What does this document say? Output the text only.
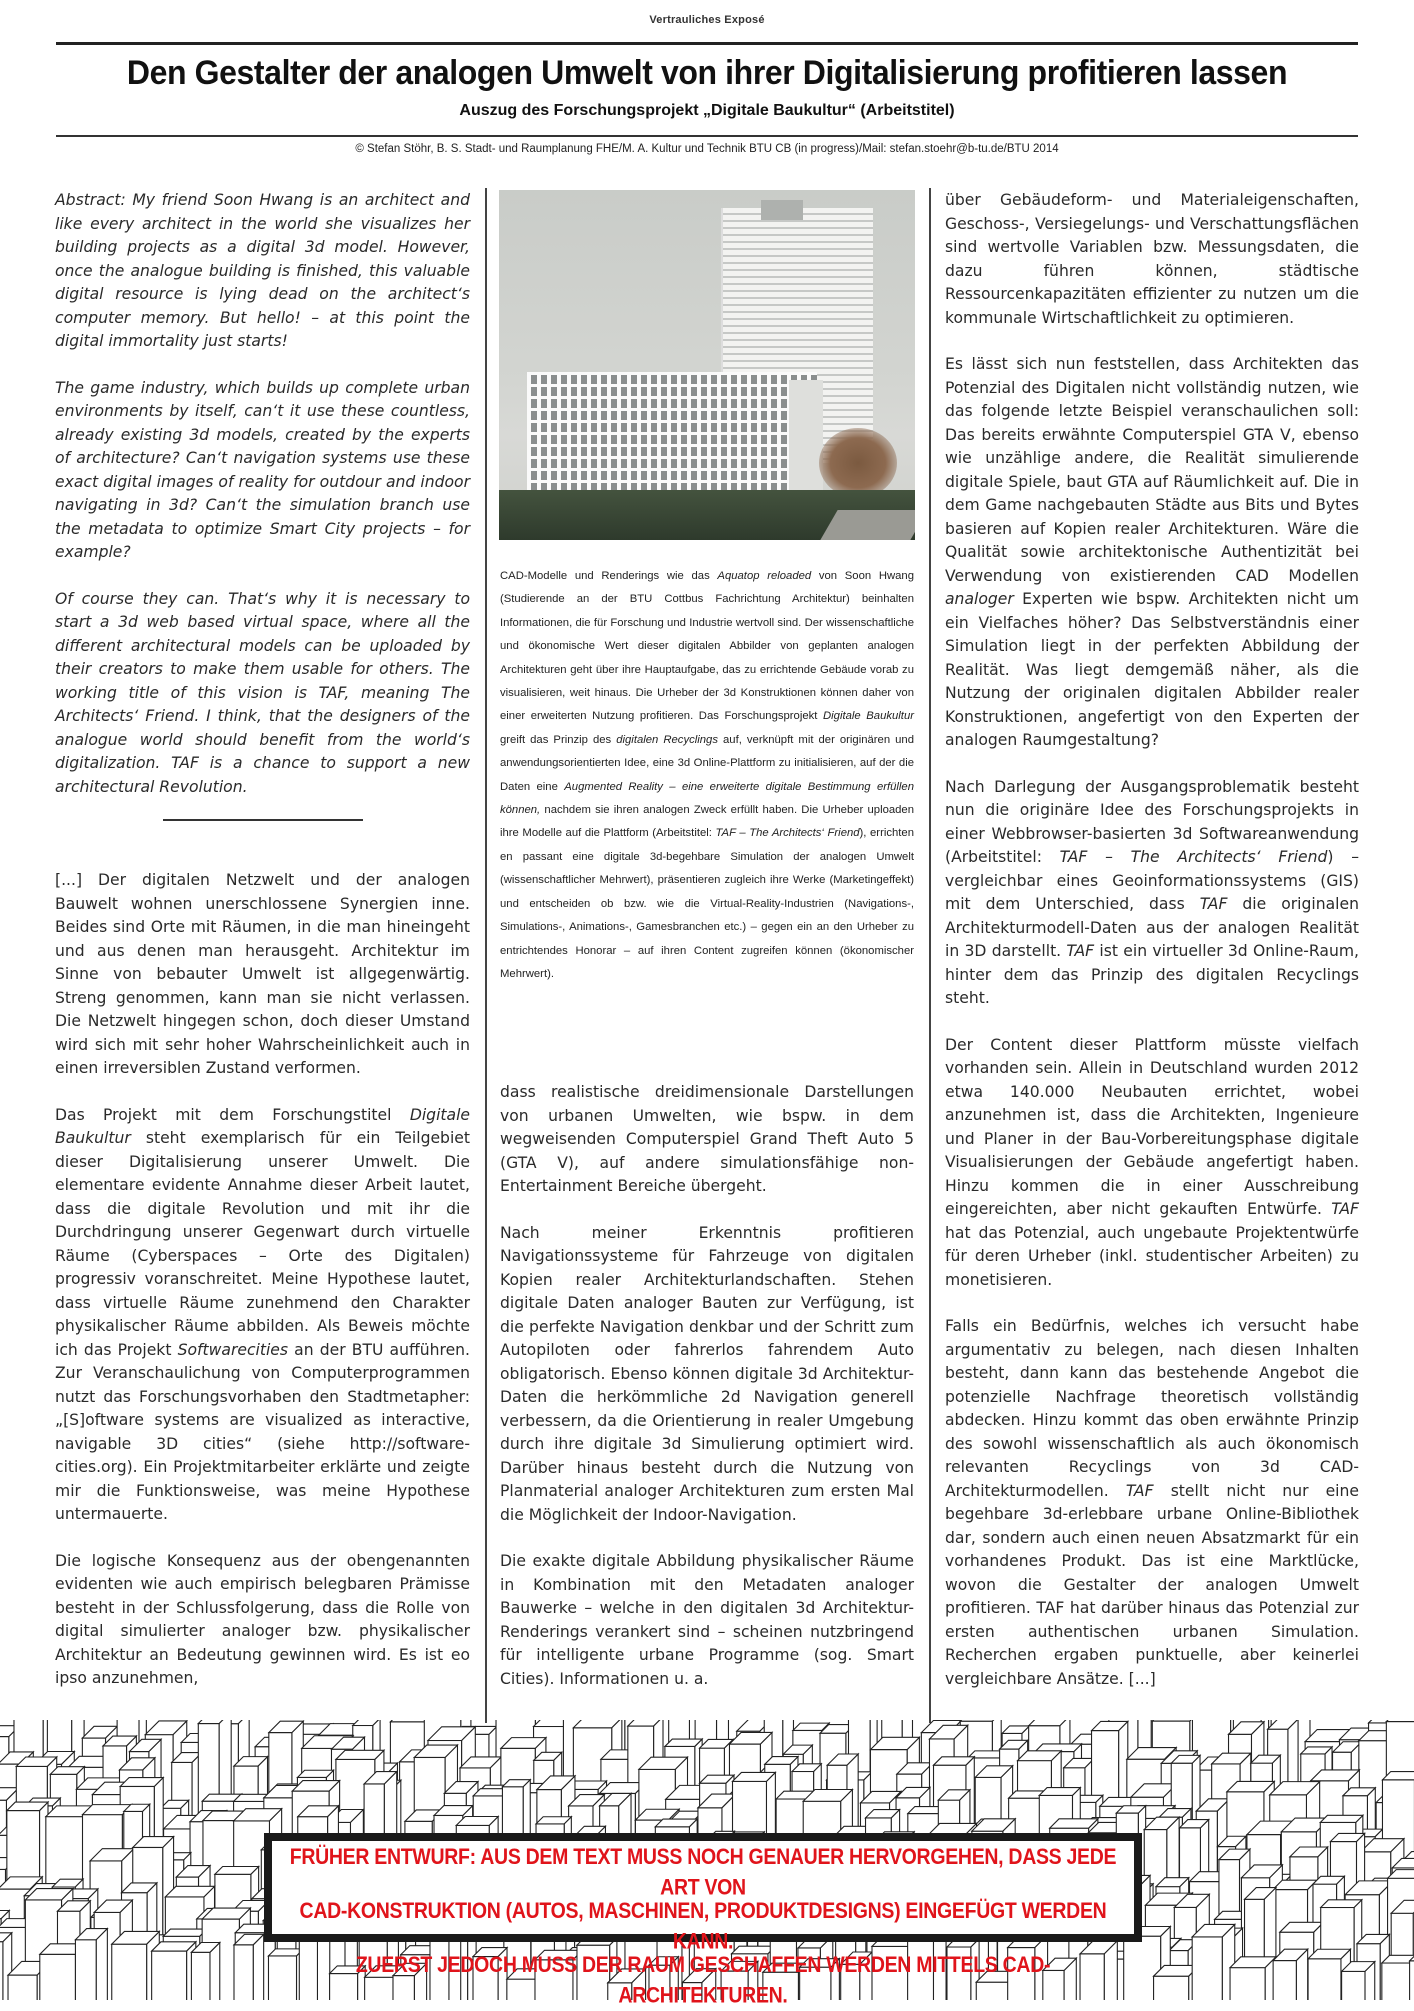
Vertrauliches Exposé
Den Gestalter der analogen Umwelt von ihrer Digitalisierung profitieren lassen
Auszug des Forschungsprojekt „Digitale Baukultur“ (Arbeitstitel)
© Stefan Stöhr, B. S. Stadt- und Raumplanung FHE/M. A. Kultur und Technik BTU CB (in progress)/Mail: stefan.stoehr@b-tu.de/BTU 2014

Abstract: My friend Soon Hwang is an architect and like every architect in the world she visualizes her building projects as a digital 3d model. However, once the analogue building is finished, this valuable digital resource is lying dead on the architect‘s computer memory. But hello! – at this point the digital immortality just starts!

The game industry, which builds up complete urban environments by itself, can‘t it use these countless, already existing 3d models, created by the experts of architecture? Can‘t navigation systems use these exact digital images of reality for outdour and indoor navigating in 3d? Can‘t the simulation branch use the metadata to optimize Smart City projects – for example?

Of course they can. That‘s why it is necessary to start a 3d web based virtual space, where all the different architectural models can be uploaded by their creators to make them usable for others. The working title of this vision is TAF, meaning The Architects‘ Friend. I think, that the designers of the analogue world should benefit from the world‘s digitalization. TAF is a chance to support a new architectural Revolution.

[...] Der digitalen Netzwelt und der analogen Bauwelt wohnen unerschlossene Synergien inne. Beides sind Orte mit Räumen, in die man hineingeht und aus denen man herausgeht. Architektur im Sinne von bebauter Umwelt ist allgegenwärtig. Streng genommen, kann man sie nicht verlassen. Die Netzwelt hingegen schon, doch dieser Umstand wird sich mit sehr hoher Wahrscheinlichkeit auch in einen irreversiblen Zustand verformen.

Das Projekt mit dem Forschungstitel Digitale Baukultur steht exemplarisch für ein Teilgebiet dieser Digitalisierung unserer Umwelt. Die elementare evidente Annahme dieser Arbeit lautet, dass die digitale Revolution und mit ihr die Durchdringung unserer Gegenwart durch virtuelle Räume (Cyberspaces – Orte des Digitalen) progressiv voranschreitet. Meine Hypothese lautet, dass virtuelle Räume zunehmend den Charakter physikalischer Räume abbilden. Als Beweis möchte ich das Projekt Softwarecities an der BTU aufführen. Zur Veranschaulichung von Computerprogrammen nutzt das Forschungsvorhaben den Stadtmetapher: „[S]oftware systems are visualized as interactive, navigable 3D cities“ (siehe http://software-cities.org). Ein Projektmitarbeiter erklärte und zeigte mir die Funktionsweise, was meine Hypothese untermauerte.

Die logische Konsequenz aus der obengenannten evidenten wie auch empirisch belegbaren Prämisse besteht in der Schlussfolgerung, dass die Rolle von digital simulierter analoger bzw. physikalischer Architektur an Bedeutung gewinnen wird. Es ist eo ipso anzunehmen,

CAD-Modelle und Renderings wie das Aquatop reloaded von Soon Hwang (Studierende an der BTU Cottbus Fachrichtung Architektur) beinhalten Informationen, die für Forschung und Industrie wertvoll sind. Der wissenschaftliche und ökonomische Wert dieser digitalen Abbilder von geplanten analogen Architekturen geht über ihre Hauptaufgabe, das zu errichtende Gebäude vorab zu visualisieren, weit hinaus. Die Urheber der 3d Konstruktionen können daher von einer erweiterten Nutzung profitieren. Das Forschungsprojekt Digitale Baukultur greift das Prinzip des digitalen Recyclings auf, verknüpft mit der originären und anwendungsorientierten Idee, eine 3d Online-Plattform zu initialisieren, auf der die Daten eine Augmented Reality – eine erweiterte digitale Bestimmung erfüllen können, nachdem sie ihren analogen Zweck erfüllt haben. Die Urheber uploaden ihre Modelle auf die Plattform (Arbeitstitel: TAF – The Architects‘ Friend), errichten en passant eine digitale 3d-begehbare Simulation der analogen Umwelt (wissenschaftlicher Mehrwert), präsentieren zugleich ihre Werke (Marketingeffekt) und entscheiden ob bzw. wie die Virtual-Reality-Industrien (Navigations-, Simulations-, Animations-, Gamesbranchen etc.) – gegen ein an den Urheber zu entrichtendes Honorar – auf ihren Content zugreifen können (ökonomischer Mehrwert).

dass realistische dreidimensionale Darstellungen von urbanen Umwelten, wie bspw. in dem wegweisenden Computerspiel Grand Theft Auto 5 (GTA V), auf andere simulationsfähige non-Entertainment Bereiche übergeht.

Nach meiner Erkenntnis profitieren Navigationssysteme für Fahrzeuge von digitalen Kopien realer Architekturlandschaften. Stehen digitale Daten analoger Bauten zur Verfügung, ist die perfekte Navigation denkbar und der Schritt zum Autopiloten oder fahrerlos fahrendem Auto obligatorisch. Ebenso können digitale 3d Architektur-Daten die herkömmliche 2d Navigation generell verbessern, da die Orientierung in realer Umgebung durch ihre digitale 3d Simulierung optimiert wird. Darüber hinaus besteht durch die Nutzung von Planmaterial analoger Architekturen zum ersten Mal die Möglichkeit der Indoor-Navigation.

Die exakte digitale Abbildung physikalischer Räume in Kombination mit den Metadaten analoger Bauwerke – welche in den digitalen 3d Architektur-Renderings verankert sind – scheinen nutzbringend für intelligente urbane Programme (sog. Smart Cities). Informationen u. a.

über Gebäudeform- und Materialeigenschaften, Geschoss-, Versiegelungs- und Verschattungsflächen sind wertvolle Variablen bzw. Messungsdaten, die dazu führen können, städtische Ressourcenkapazitäten effizienter zu nutzen um die kommunale Wirtschaftlichkeit zu optimieren.

Es lässt sich nun feststellen, dass Architekten das Potenzial des Digitalen nicht vollständig nutzen, wie das folgende letzte Beispiel veranschaulichen soll: Das bereits erwähnte Computerspiel GTA V, ebenso wie unzählige andere, die Realität simulierende digitale Spiele, baut GTA auf Räumlichkeit auf. Die in dem Game nachgebauten Städte aus Bits und Bytes basieren auf Kopien realer Architekturen. Wäre die Qualität sowie architektonische Authentizität bei Verwendung von existierenden CAD Modellen analoger Experten wie bspw. Architekten nicht um ein Vielfaches höher? Das Selbstverständnis einer Simulation liegt in der perfekten Abbildung der Realität. Was liegt demgemäß näher, als die Nutzung der originalen digitalen Abbilder realer Konstruktionen, angefertigt von den Experten der analogen Raumgestaltung?

Nach Darlegung der Ausgangsproblematik besteht nun die originäre Idee des Forschungsprojekts in einer Webbrowser-basierten 3d Softwareanwendung (Arbeitstitel: TAF – The Architects‘ Friend) – vergleichbar eines Geoinformationssystems (GIS) mit dem Unterschied, dass TAF die originalen Architekturmodell-Daten aus der analogen Realität in 3D darstellt. TAF ist ein virtueller 3d Online-Raum, hinter dem das Prinzip des digitalen Recyclings steht.

Der Content dieser Plattform müsste vielfach vorhanden sein. Allein in Deutschland wurden 2012 etwa 140.000 Neubauten errichtet, wobei anzunehmen ist, dass die Architekten, Ingenieure und Planer in der Bau-Vorbereitungsphase digitale Visualisierungen der Gebäude angefertigt haben. Hinzu kommen die in einer Ausschreibung eingereichten, aber nicht gekauften Entwürfe. TAF hat das Potenzial, auch ungebaute Projektentwürfe für deren Urheber (inkl. studentischer Arbeiten) zu monetisieren.

Falls ein Bedürfnis, welches ich versucht habe argumentativ zu belegen, nach diesen Inhalten besteht, dann kann das bestehende Angebot die potenzielle Nachfrage theoretisch vollständig abdecken. Hinzu kommt das oben erwähnte Prinzip des sowohl wissenschaftlich als auch ökonomisch relevanten Recyclings von 3d CAD-Architekturmodellen. TAF stellt nicht nur eine begehbare 3d-erlebbare urbane Online-Bibliothek dar, sondern auch einen neuen Absatzmarkt für ein vorhandenes Produkt. Das ist eine Marktlücke, wovon die Gestalter der analogen Umwelt profitieren. TAF hat darüber hinaus das Potenzial zur ersten authentischen urbanen Simulation. Recherchen ergaben punktuelle, aber keinerlei vergleichbare Ansätze. [...]

FRÜHER ENTWURF: AUS DEM TEXT MUSS NOCH GENAUER HERVORGEHEN, DASS JEDE ART VON
CAD-KONSTRUKTION (AUTOS, MASCHINEN, PRODUKTDESIGNS) EINGEFÜGT WERDEN KANN.
ZUERST JEDOCH MUSS DER RAUM GESCHAFFEN WERDEN MITTELS CAD-ARCHITEKTUREN.
